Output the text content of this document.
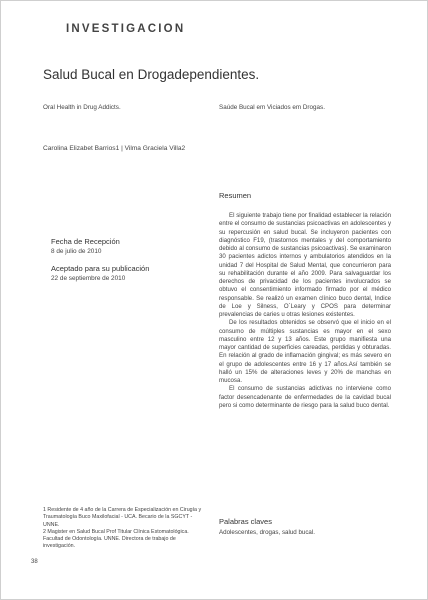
INVESTIGACION
Salud Bucal en Drogadependientes.
Oral Health in Drug Addicts.	Saúde Bucal em Viciados em Drogas.
Carolina Elizabet Barrios1 | Vilma Graciela Villa2
Fecha de Recepción
8 de julio de 2010
Aceptado para su publicación
22 de septiembre de 2010
Resumen

El siguiente trabajo tiene por finalidad establecer la relación entre el consumo de sustancias psicoactivas en adolescentes y su repercusión en salud bucal. Se incluyeron pacientes con diagnóstico F19, (trastornos mentales y del comportamiento debido al consumo de sustancias psicoactivas). Se examinaron 30 pacientes adictos internos y ambulatorios atendidos en la unidad 7 del Hospital de Salud Mental, que concurrieron para su rehabilitación durante el año 2009. Para salvaguardar los derechos de privacidad de los pacientes involucrados se obtuvo el consentimiento informado firmado por el médico responsable. Se realizó un examen clínico buco dental, Indice de Loe y Silness, O´Leary y CPOS para determinar prevalencias de caries u otras lesiones existentes.

De los resultados obtenidos se observó que el inicio en el consumo de múltiples sustancias es mayor en el sexo masculino entre 12 y 13 años. Este grupo manifiesta una mayor cantidad de superficies careadas, perdidas y obturadas. En relación al grado de inflamación gingival; es más severo en el grupo de adolescentes entre 16 y 17 años.Así también se halló un 15% de alteraciones leves y 20% de manchas en mucosa.

El consumo de sustancias adictivas no interviene como factor desencadenante de enfermedades de la cavidad bucal pero si como determinante de riesgo para la salud buco dental.

Palabras claves
Adolescentes, drogas, salud bucal.

1 Residente de 4 año de la Carrera de Especialización en Cirugía y Traumatología Buco Maxilofacial - UCA. Becario de la SGCYT - UNNE.

2 Magister en Salud Bucal Prof Titular Clínica Estomatológica. Facultad de Odontología. UNNE. Directora de trabajo de investigación.

38
